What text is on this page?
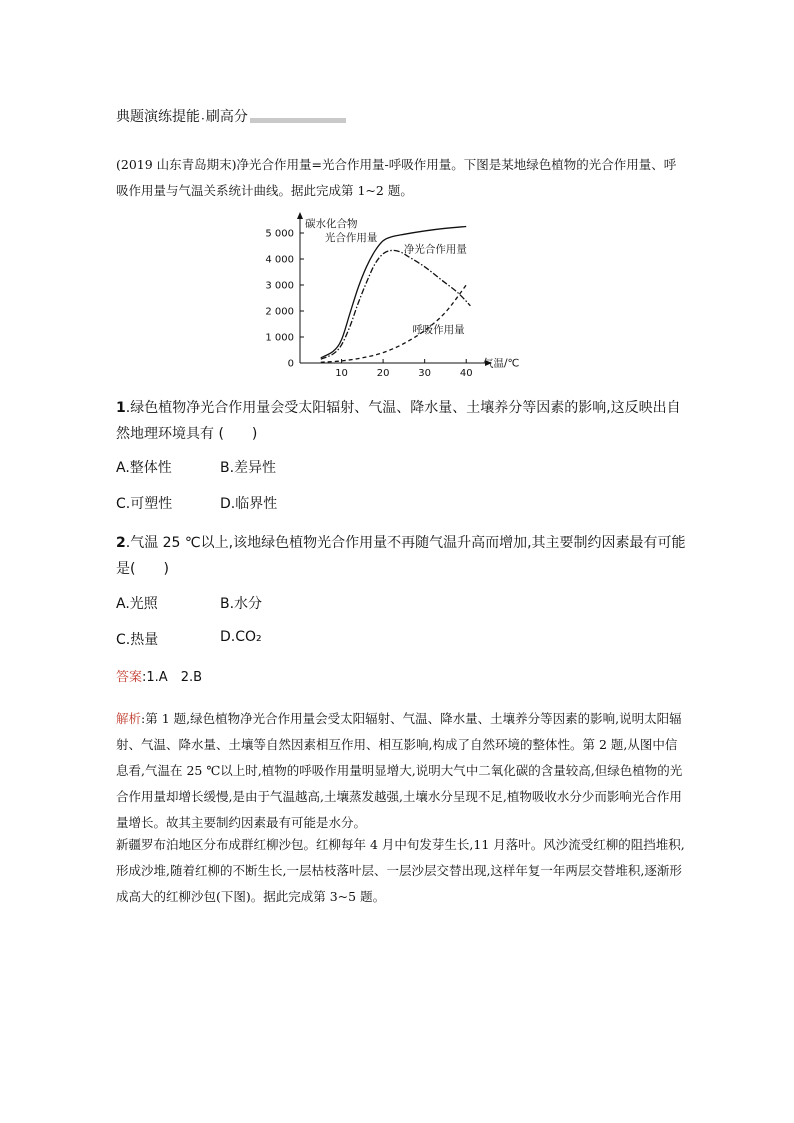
典题演练提能 · 刷高分
(2019 山东青岛期末)净光合作用量=光合作用量-呼吸作用量。下图是某地绿色植物的光合作用量、呼吸作用量与气温关系统计曲线。据此完成第 1~2 题。
1 000
2 000
3 000
4 000
5 000
0
10	20	30	40
碳水化合物
气温/℃
光合作用量
净光合作用量
呼吸作用量
1.绿色植物净光合作用量会受太阳辐射、气温、降水量、土壤养分等因素的影响,这反映出自然地理环境具有 (　　)
A.整体性	B.差异性
C.可塑性	D.临界性
2.气温 25 ℃以上,该地绿色植物光合作用量不再随气温升高而增加,其主要制约因素最有可能是(　　)
A.光照	B.水分
C.热量	D.CO₂
答案:1.A　2.B
解析:第 1 题,绿色植物净光合作用量会受太阳辐射、气温、降水量、土壤养分等因素的影响,说明太阳辐射、气温、降水量、土壤等自然因素相互作用、相互影响,构成了自然环境的整体性。第 2 题,从图中信息看,气温在 25 ℃以上时,植物的呼吸作用量明显增大,说明大气中二氧化碳的含量较高,但绿色植物的光合作用量却增长缓慢,是由于气温越高,土壤蒸发越强,土壤水分呈现不足,植物吸收水分少而影响光合作用量增长。故其主要制约因素最有可能是水分。
新疆罗布泊地区分布成群红柳沙包。红柳每年 4 月中旬发芽生长,11 月落叶。风沙流受红柳的阻挡堆积,形成沙堆,随着红柳的不断生长,一层枯枝落叶层、一层沙层交替出现,这样年复一年两层交替堆积,逐渐形成高大的红柳沙包(下图)。据此完成第 3~5 题。
